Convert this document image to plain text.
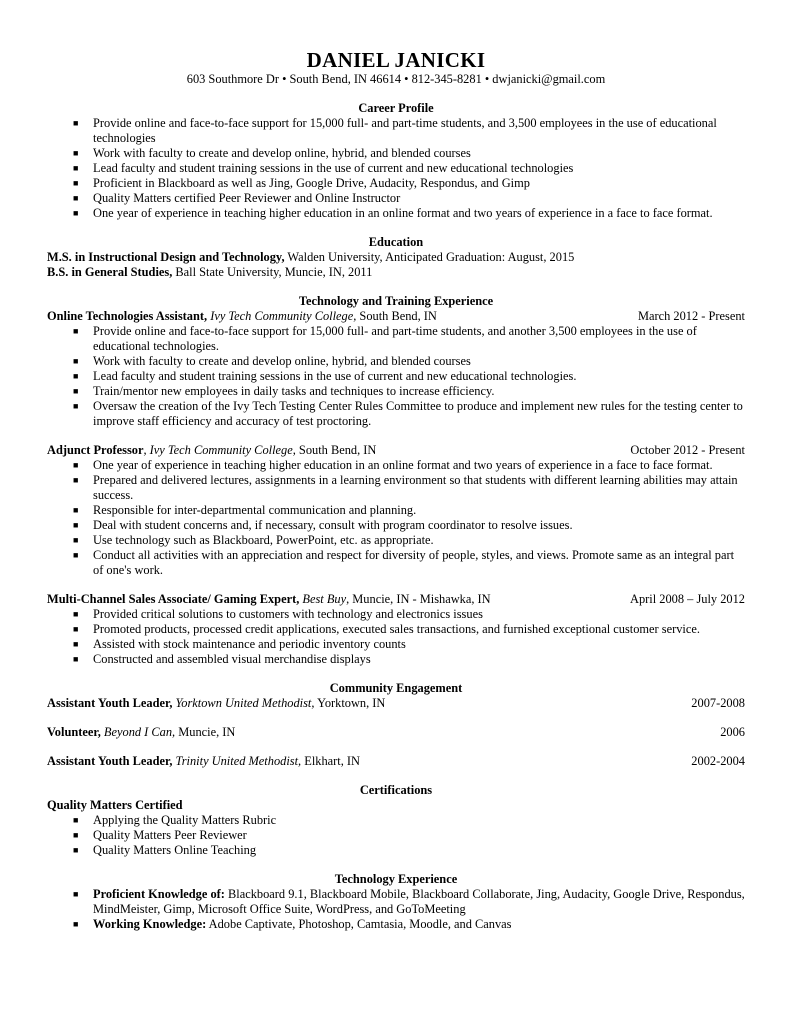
DANIEL JANICKI
603 Southmore Dr • South Bend, IN 46614 • 812-345-8281 • dwjanicki@gmail.com
Career Profile
■ Provide online and face-to-face support for 15,000 full- and part-time students, and 3,500 employees in the use of educational technologies
■ Work with faculty to create and develop online, hybrid, and blended courses
■ Lead faculty and student training sessions in the use of current and new educational technologies
■ Proficient in Blackboard as well as Jing, Google Drive, Audacity, Respondus, and Gimp
■ Quality Matters certified Peer Reviewer and Online Instructor
■ One year of experience in teaching higher education in an online format and two years of experience in a face to face format.
Education
M.S. in Instructional Design and Technology, Walden University, Anticipated Graduation: August, 2015
B.S. in General Studies, Ball State University, Muncie, IN, 2011
Technology and Training Experience
Online Technologies Assistant, Ivy Tech Community College, South Bend, IN	March 2012 - Present
■ Provide online and face-to-face support for 15,000 full- and part-time students, and another 3,500 employees in the use of educational technologies.
■ Work with faculty to create and develop online, hybrid, and blended courses
■ Lead faculty and student training sessions in the use of current and new educational technologies.
■ Train/mentor new employees in daily tasks and techniques to increase efficiency.
■ Oversaw the creation of the Ivy Tech Testing Center Rules Committee to produce and implement new rules for the testing center to improve staff efficiency and accuracy of test proctoring.
Adjunct Professor, Ivy Tech Community College, South Bend, IN	October 2012 - Present
■ One year of experience in teaching higher education in an online format and two years of experience in a face to face format.
■ Prepared and delivered lectures, assignments in a learning environment so that students with different learning abilities may attain success.
■ Responsible for inter-departmental communication and planning.
■ Deal with student concerns and, if necessary, consult with program coordinator to resolve issues.
■ Use technology such as Blackboard, PowerPoint, etc. as appropriate.
■ Conduct all activities with an appreciation and respect for diversity of people, styles, and views. Promote same as an integral part of one's work.
Multi-Channel Sales Associate/ Gaming Expert, Best Buy, Muncie, IN - Mishawka, IN	April 2008 – July 2012
■ Provided critical solutions to customers with technology and electronics issues
■ Promoted products, processed credit applications, executed sales transactions, and furnished exceptional customer service.
■ Assisted with stock maintenance and periodic inventory counts
■ Constructed and assembled visual merchandise displays
Community Engagement
Assistant Youth Leader, Yorktown United Methodist, Yorktown, IN	2007-2008
Volunteer, Beyond I Can, Muncie, IN	2006
Assistant Youth Leader, Trinity United Methodist, Elkhart, IN	2002-2004
Certifications
Quality Matters Certified
■ Applying the Quality Matters Rubric
■ Quality Matters Peer Reviewer
■ Quality Matters Online Teaching
Technology Experience
■ Proficient Knowledge of: Blackboard 9.1, Blackboard Mobile, Blackboard Collaborate, Jing, Audacity, Google Drive, Respondus, MindMeister, Gimp, Microsoft Office Suite, WordPress, and GoToMeeting
■ Working Knowledge: Adobe Captivate, Photoshop, Camtasia, Moodle, and Canvas
